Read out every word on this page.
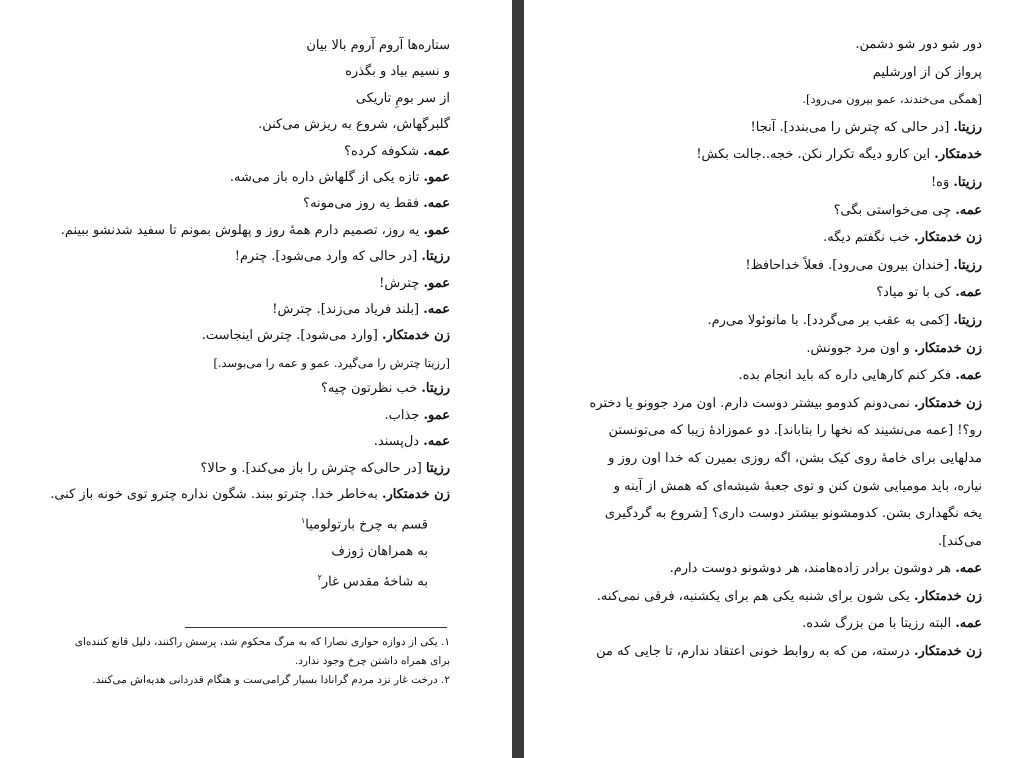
ستاره‌ها آروم آروم بالا بیان
و نسیم بیاد و بگذره
از سر بومِ تاریکی
گلبرگهاش، شروع به ریزش می‌کنن.
عمه. شکوفه کرده؟
عمو. تازه یکی از گلهاش داره باز می‌شه.
عمه. فقط یه روز می‌مونه؟
عمو. یه روز، تصمیم دارم همهٔ روز و پهلوش بمونم تا سفید شدنشو ببینم.
رزیتا. [در حالی که وارد می‌شود]. چترم!
عمو. چترش!
عمه. [بلند فریاد می‌زند]. چترش!
زن خدمتکار. [وارد می‌شود]. چترش اینجاست.
[رزیتا چترش را می‌گیرد. عمو و عمه را می‌بوسد.]
رزیتا. خب نظرتون چیه؟
عمو. جذاب.
عمه. دل‌پسند.
رزیتا [در حالی‌که چترش را باز می‌کند]. و حالا؟
زن خدمتکار. به‌خاطر خدا. چترتو ببند. شگون نداره چترو توی خونه باز کنی.
قسم به چرخ بارتولومیا$^۱$
به همراهان ژوزف
به شاخهٔ مقدس غار$^۲$
۱. یکی از دوازه حواری نصارا که به مرگ محکوم شد، پرسش راکنند، دلیل قانع کننده‌ای
برای همراه داشتن چرخ وجود ندارد.
۲. درخت غار نزد مردم گرانادا بسیار گرامی‌ست و هنگام قدردانی هدیه‌اش می‌کنند.
دور شو دور شو دشمن.
پرواز کن از اورشلیم
[همگی می‌خندند، عمو بیرون می‌رود].
رزیتا. [در حالی که چترش را می‌بندد]. آنجا!
خدمتکار. این کارو دیگه تکرار نکن. خجه..جالت بکش!
رزیتا. وَه!
عمه. چی می‌خواستی بگی؟
زن خدمتکار. خب نگفتم دیگه.
رزیتا. [خندان بیرون می‌رود]. فعلاً خداحافظ!
عمه. کی با تو میاد؟
رزیتا. [کمی به عقب بر می‌گردد]. با مانوئولا می‌رم.
زن خدمتکار. و اون مرد جوونش.
عمه. فکر کنم کارهایی داره که باید انجام بده.
زن خدمتکار. نمی‌دونم کدومو بیشتر دوست دارم. اون مرد جوونو یا دختره
رو؟! [عمه می‌نشیند که نخها را بتاباند]. دو عموزادهٔ زیبا که می‌تونستن
مدلهایی برای خامهٔ روی کیک بشن، اگه روزی بمیرن که خدا اون روز و
نیاره، باید مومیایی شون کنن و توی جعبهٔ شیشه‌ای که همش از آینه و
یخه نگهداری بشن. کدومشونو بیشتر دوست داری؟ [شروع به گردگیری
می‌کند].
عمه. هر دوشون برادر زاده‌هامند، هر دوشونو دوست دارم.
زن خدمتکار. یکی شون برای شنبه یکی هم برای یکشنبه، فرقی نمی‌کنه.
عمه. البته رزیتا با من بزرگ شده.
زن خدمتکار. درسته، من که به روابط خونی اعتقاد ندارم، تا جایی که من
